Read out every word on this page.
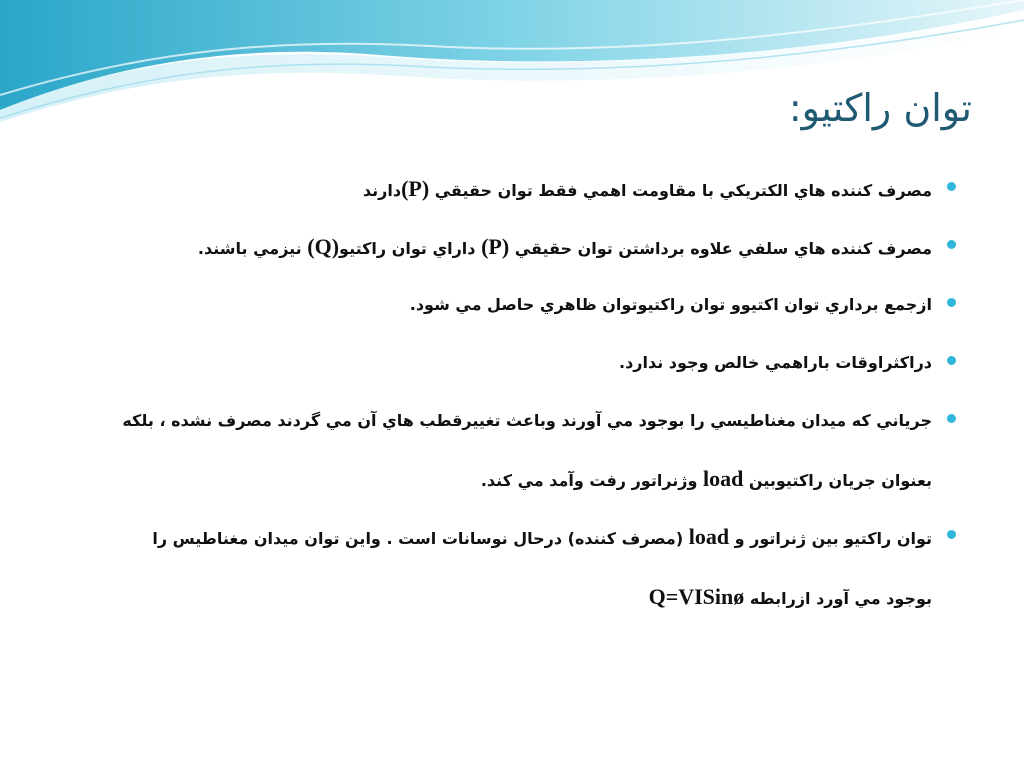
توان راکتیو:
مصرف کننده هاي الکتريکي با مقاومت اهمي فقط توان حقيقي (P)دارند
مصرف کننده هاي سلفي علاوه برداشتن توان حقيقي (P) داراي توان راکتيو(Q) نيزمي باشند.
ازجمع برداري توان اکتيوو توان راکتيوتوان ظاهري حاصل مي شود.
دراکثراوقات باراهمي خالص وجود ندارد.
جرياني که ميدان مغناطيسي را بوجود مي آورند وباعث تغييرقطب هاي آن مي گردند مصرف نشده ، بلکه
بعنوان جريان راکتيوبين load وژنراتور رفت وآمد مي کند.
توان راکتيو بين ژنراتور و load (مصرف کننده) درحال نوسانات است . واين توان ميدان مغناطيس را
بوجود مي آورد ازرابطه Q=VISinø
